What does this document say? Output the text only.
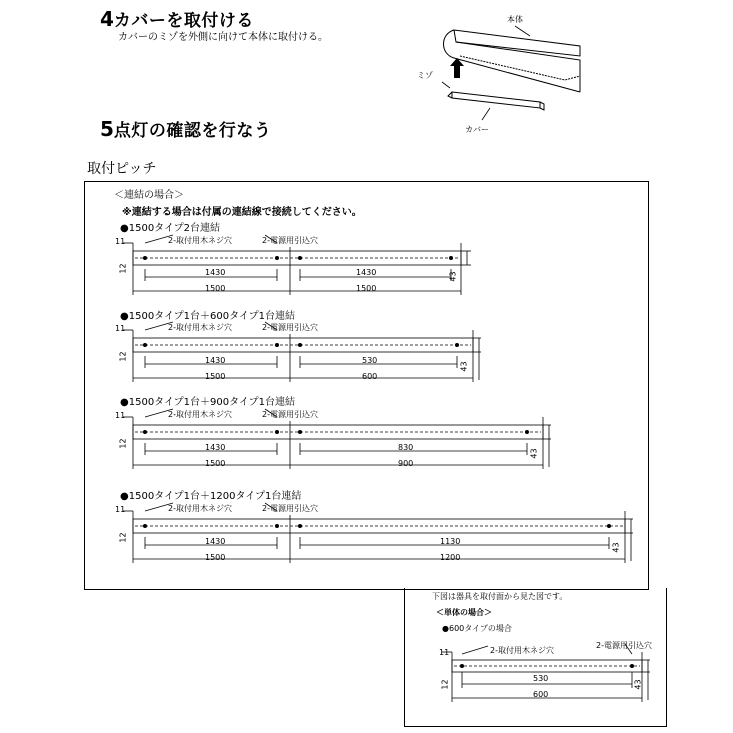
4カバーを取付ける
カバーのミゾを外側に向けて本体に取付ける。
本体
ミゾ
カバー
5点灯の確認を行なう
取付ピッチ
＜連結の場合＞
※連結する場合は付属の連結線で接続してください。
●1500タイプ2台連結
11
12
2-取付用木ネジ穴	2-電源用引込穴
1430
1500
1430
1500
43
●1500タイプ1台＋600タイプ1台連結
11
12
2-取付用木ネジ穴	2-電源用引込穴
1430
1500
530
600
43
●1500タイプ1台＋900タイプ1台連結
11
12
2-取付用木ネジ穴	2-電源用引込穴
1430
1500
830
900
43
●1500タイプ1台＋1200タイプ1台連結
11
12
2-取付用木ネジ穴	2-電源用引込穴
1430
1500
1130
1200
43
下図は器具を取付面から見た図です。
＜単体の場合＞
●600タイプの場合
11
12
2-取付用木ネジ穴
2-電源用引込穴
530
600
43
